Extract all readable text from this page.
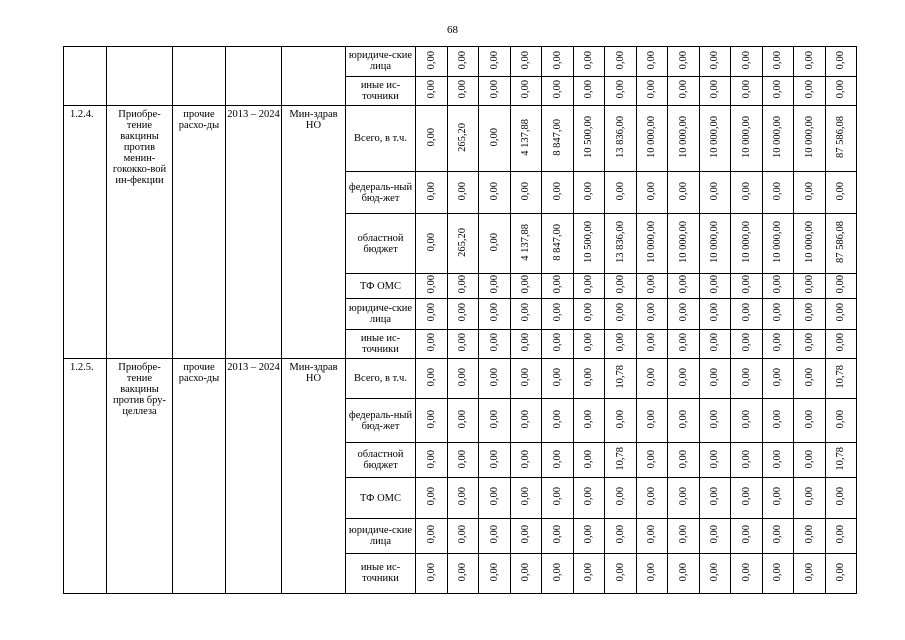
68
					юридиче-ские лица	0,00	0,00	0,00	0,00	0,00	0,00	0,00	0,00	0,00	0,00	0,00	0,00	0,00	0,00
					иные ис-точники	0,00	0,00	0,00	0,00	0,00	0,00	0,00	0,00	0,00	0,00	0,00	0,00	0,00	0,00
1.2.4.	Приобре-тение вакцины против менин-гококко-вой ин-фекции	прочие расхо-ды	2013 – 2024	Мин-здрав НО	Всего, в т.ч.	0,00	265,20	0,00	4 137,88	8 847,00	10 500,00	13 836,00	10 000,00	10 000,00	10 000,00	10 000,00	10 000,00	10 000,00	87 586,08
					федераль-ный бюд-жет	0,00	0,00	0,00	0,00	0,00	0,00	0,00	0,00	0,00	0,00	0,00	0,00	0,00	0,00
					областной бюджет	0,00	265,20	0,00	4 137,88	8 847,00	10 500,00	13 836,00	10 000,00	10 000,00	10 000,00	10 000,00	10 000,00	10 000,00	87 586,08
					ТФ ОМС	0,00	0,00	0,00	0,00	0,00	0,00	0,00	0,00	0,00	0,00	0,00	0,00	0,00	0,00
					юридиче-ские лица	0,00	0,00	0,00	0,00	0,00	0,00	0,00	0,00	0,00	0,00	0,00	0,00	0,00	0,00
					иные ис-точники	0,00	0,00	0,00	0,00	0,00	0,00	0,00	0,00	0,00	0,00	0,00	0,00	0,00	0,00
1.2.5.	Приобре-тение вакцины против бру-целлеза	прочие расхо-ды	2013 – 2024	Мин-здрав НО	Всего, в т.ч.	0,00	0,00	0,00	0,00	0,00	0,00	10,78	0,00	0,00	0,00	0,00	0,00	0,00	10,78
					федераль-ный бюд-жет	0,00	0,00	0,00	0,00	0,00	0,00	0,00	0,00	0,00	0,00	0,00	0,00	0,00	0,00
					областной бюджет	0,00	0,00	0,00	0,00	0,00	0,00	10,78	0,00	0,00	0,00	0,00	0,00	0,00	10,78
					ТФ ОМС	0,00	0,00	0,00	0,00	0,00	0,00	0,00	0,00	0,00	0,00	0,00	0,00	0,00	0,00
					юридиче-ские лица	0,00	0,00	0,00	0,00	0,00	0,00	0,00	0,00	0,00	0,00	0,00	0,00	0,00	0,00
					иные ис-точники	0,00	0,00	0,00	0,00	0,00	0,00	0,00	0,00	0,00	0,00	0,00	0,00	0,00	0,00
